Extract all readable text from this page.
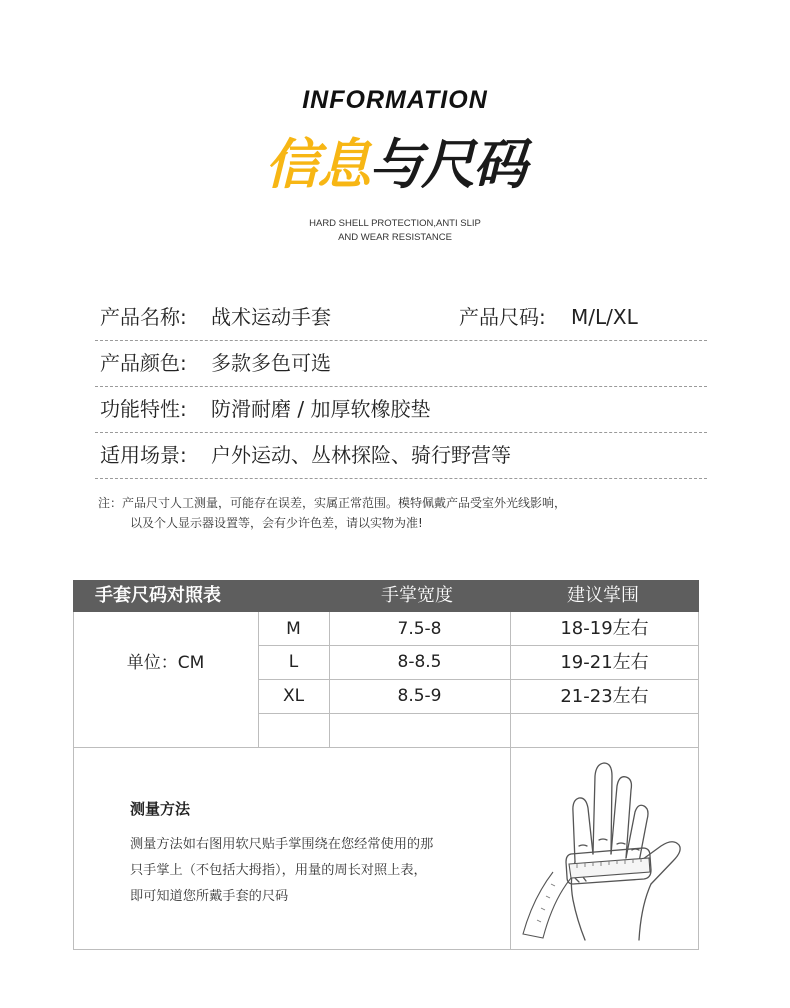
INFORMATION
信息与尺码
HARD SHELL PROTECTION,ANTI SLIP
AND WEAR RESISTANCE
产品名称: 战术运动手套	产品尺码: M/L/XL
产品颜色: 多款多色可选
功能特性: 防滑耐磨 / 加厚软橡胶垫
适用场景: 户外运动、丛林探险、骑行野营等
注：产品尺寸人工测量，可能存在误差，实属正常范围。模特佩戴产品受室外光线影响，
以及个人显示器设置等，会有少许色差，请以实物为准!
手套尺码对照表	手掌宽度	建议掌围
单位：CM
M	7.5-8	18-19左右
L	8-8.5	19-21左右
XL	8.5-9	21-23左右
测量方法
测量方法如右图用软尺贴手掌围绕在您经常使用的那
只手掌上（不包括大拇指），用量的周长对照上表，
即可知道您所戴手套的尺码
